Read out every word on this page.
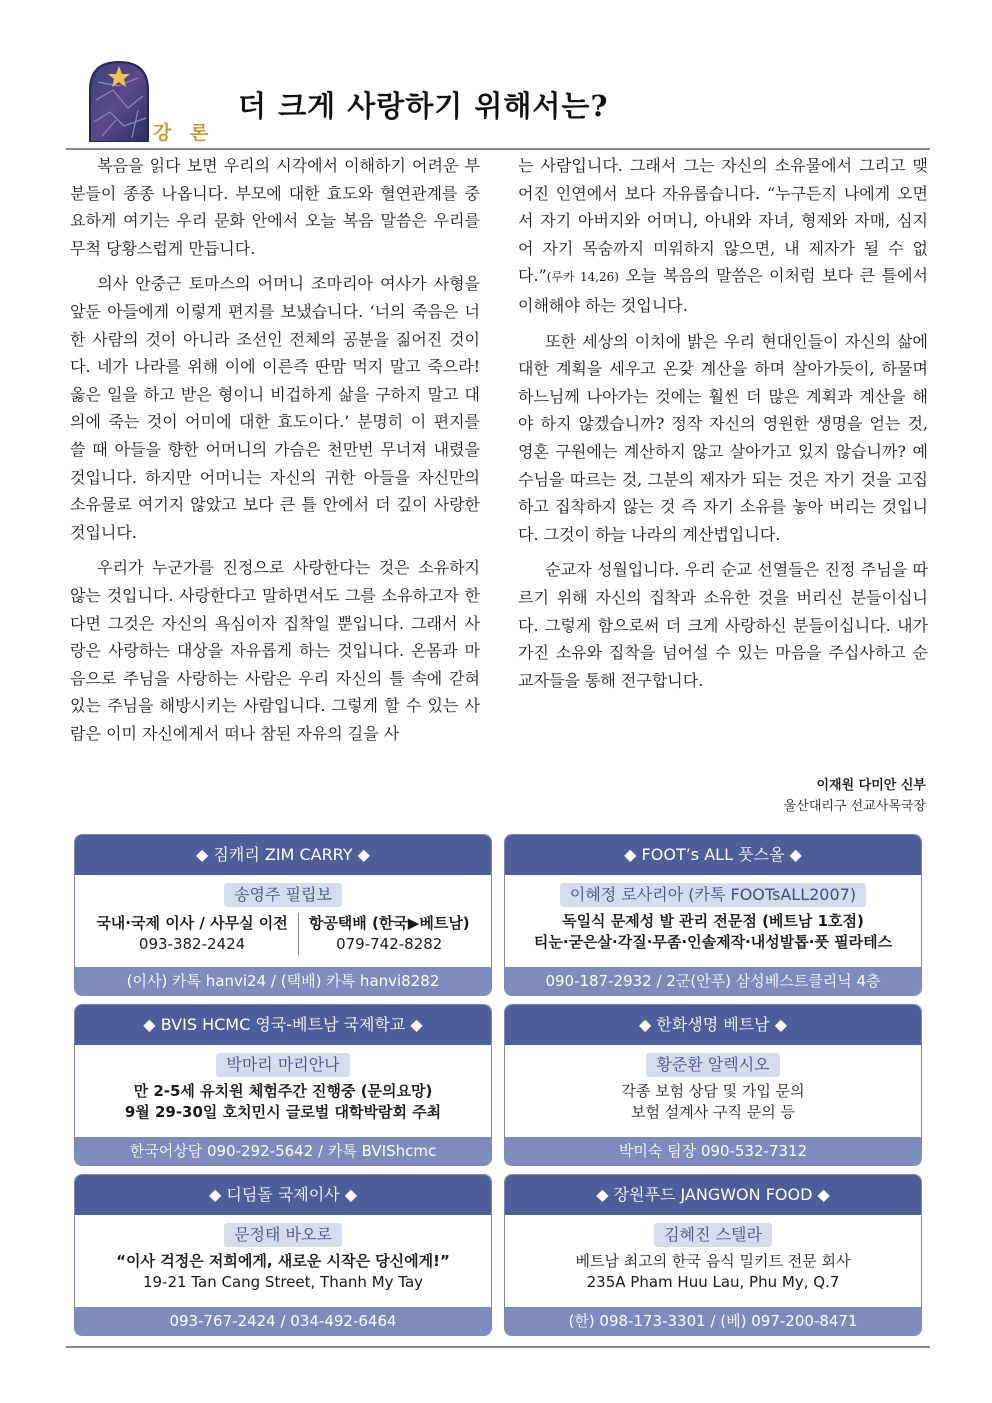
강 론
더 크게 사랑하기 위해서는?

복음을 읽다 보면 우리의 시각에서 이해하기 어려운 부분들이 종종 나옵니다. 부모에 대한 효도와 혈연관계를 중요하게 여기는 우리 문화 안에서 오늘 복음 말씀은 우리를 무척 당황스럽게 만듭니다.

의사 안중근 토마스의 어머니 조마리아 여사가 사형을 앞둔 아들에게 이렇게 편지를 보냈습니다. ‘너의 죽음은 너 한 사람의 것이 아니라 조선인 전체의 공분을 짊어진 것이다. 네가 나라를 위해 이에 이른즉 딴맘 먹지 말고 죽으라! 옳은 일을 하고 받은 형이니 비겁하게 삶을 구하지 말고 대의에 죽는 것이 어미에 대한 효도이다.’ 분명히 이 편지를 쓸 때 아들을 향한 어머니의 가슴은 천만번 무너져 내렸을 것입니다. 하지만 어머니는 자신의 귀한 아들을 자신만의 소유물로 여기지 않았고 보다 큰 틀 안에서 더 깊이 사랑한 것입니다.

우리가 누군가를 진정으로 사랑한다는 것은 소유하지 않는 것입니다. 사랑한다고 말하면서도 그를 소유하고자 한다면 그것은 자신의 욕심이자 집착일 뿐입니다. 그래서 사랑은 사랑하는 대상을 자유롭게 하는 것입니다. 온몸과 마음으로 주님을 사랑하는 사람은 우리 자신의 틀 속에 갇혀 있는 주님을 해방시키는 사람입니다. 그렇게 할 수 있는 사람은 이미 자신에게서 떠나 참된 자유의 길을 사

는 사람입니다. 그래서 그는 자신의 소유물에서 그리고 맺어진 인연에서 보다 자유롭습니다. “누구든지 나에게 오면서 자기 아버지와 어머니, 아내와 자녀, 형제와 자매, 심지어 자기 목숨까지 미워하지 않으면, 내 제자가 될 수 없다.”(루카 14,26) 오늘 복음의 말씀은 이처럼 보다 큰 틀에서 이해해야 하는 것입니다.

또한 세상의 이치에 밝은 우리 현대인들이 자신의 삶에 대한 계획을 세우고 온갖 계산을 하며 살아가듯이, 하물며 하느님께 나아가는 것에는 훨씬 더 많은 계획과 계산을 해야 하지 않겠습니까? 정작 자신의 영원한 생명을 얻는 것, 영혼 구원에는 계산하지 않고 살아가고 있지 않습니까? 예수님을 따르는 것, 그분의 제자가 되는 것은 자기 것을 고집하고 집착하지 않는 것 즉 자기 소유를 놓아 버리는 것입니다. 그것이 하늘 나라의 계산법입니다.

순교자 성월입니다. 우리 순교 선열들은 진정 주님을 따르기 위해 자신의 집착과 소유한 것을 버리신 분들이십니다. 그렇게 함으로써 더 크게 사랑하신 분들이십니다. 내가 가진 소유와 집착을 넘어설 수 있는 마음을 주십사하고 순교자들을 통해 전구합니다.

이재원 다미안 신부
울산대리구 선교사목국장
◆ 짐캐리 ZIM CARRY ◆
송영주 필립보
국내·국제 이사 / 사무실 이전
093-382-2424
항공택배 (한국▶베트남)
079-742-8282
(이사) 카톡 hanvi24 / (택배) 카톡 hanvi8282
◆ FOOT’s ALL 풋스올 ◆
이혜정 로사리아 (카톡 FOOTsALL2007)
독일식 문제성 발 관리 전문점 (베트남 1호점)
티눈·굳은살·각질·무좀·인솔제작·내성발톱·풋 필라테스
090-187-2932 / 2군(안푸) 삼성베스트클리닉 4층
◆ BVIS HCMC 영국-베트남 국제학교 ◆
박마리 마리안나
만 2-5세 유치원 체험주간 진행중 (문의요망)
9월 29-30일 호치민시 글로벌 대학박람회 주최
한국어상담 090-292-5642 / 카톡 BVIShcmc
◆ 한화생명 베트남 ◆
황준환 알렉시오
각종 보험 상담 및 가입 문의
보험 설계사 구직 문의 등
박미숙 팀장 090-532-7312
◆ 디딤돌 국제이사 ◆
문정태 바오로
“이사 걱정은 저희에게, 새로운 시작은 당신에게!”
19-21 Tan Cang Street, Thanh My Tay
093-767-2424 / 034-492-6464
◆ 장원푸드 JANGWON FOOD ◆
김혜진 스텔라
베트남 최고의 한국 음식 밀키트 전문 회사
235A Pham Huu Lau, Phu My, Q.7
(한) 098-173-3301 / (베) 097-200-8471
